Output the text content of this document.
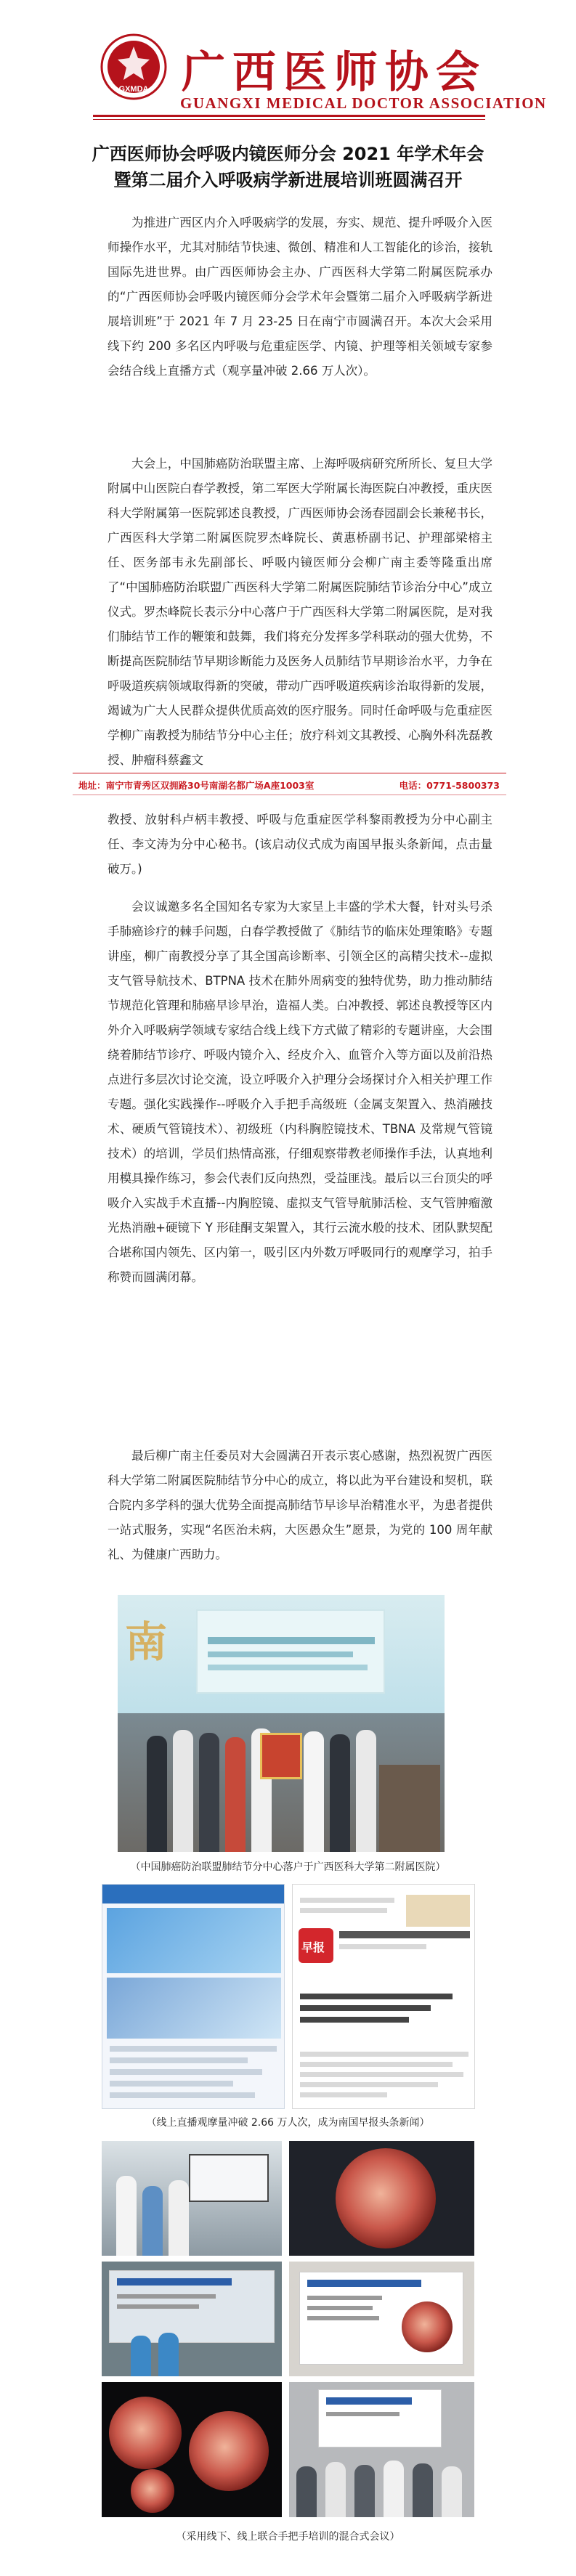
GXMDA 广西医师协会
GUANGXI MEDICAL DOCTOR ASSOCIATION
广西医师协会呼吸内镜医师分会 2021 年学术年会
暨第二届介入呼吸病学新进展培训班圆满召开

为推进广西区内介入呼吸病学的发展，夯实、规范、提升呼吸介入医师操作水平，尤其对肺结节快速、微创、精准和人工智能化的诊治，接轨国际先进世界。由广西医师协会主办、广西医科大学第二附属医院承办的“广西医师协会呼吸内镜医师分会学术年会暨第二届介入呼吸病学新进展培训班”于 2021 年 7 月 23-25 日在南宁市圆满召开。本次大会采用线下约 200 多名区内呼吸与危重症医学、内镜、护理等相关领域专家参会结合线上直播方式（观享量冲破 2.66 万人次）。

大会上，中国肺癌防治联盟主席、上海呼吸病研究所所长、复旦大学附属中山医院白春学教授，第二军医大学附属长海医院白冲教授，重庆医科大学附属第一医院郭述良教授，广西医师协会汤春园副会长兼秘书长，广西医科大学第二附属医院罗杰峰院长、黄惠桥副书记、护理部梁榕主任、医务部韦永先副部长、呼吸内镜医师分会柳广南主委等隆重出席了“中国肺癌防治联盟广西医科大学第二附属医院肺结节诊治分中心”成立仪式。罗杰峰院长表示分中心落户于广西医科大学第二附属医院，是对我们肺结节工作的鞭策和鼓舞，我们将充分发挥多学科联动的强大优势，不断提高医院肺结节早期诊断能力及医务人员肺结节早期诊治水平，力争在呼吸道疾病领域取得新的突破，带动广西呼吸道疾病诊治取得新的发展，竭诚为广大人民群众提供优质高效的医疗服务。同时任命呼吸与危重症医学柳广南教授为肺结节分中心主任；放疗科刘文其教授、心胸外科冼磊教授、肿瘤科蔡鑫文

地址：南宁市青秀区双拥路30号南湖名都广场A座1003室	电话：0771-5800373

教授、放射科卢柄丰教授、呼吸与危重症医学科黎雨教授为分中心副主任、李文涛为分中心秘书。(该启动仪式成为南国早报头条新闻，点击量破万。)

会议诚邀多名全国知名专家为大家呈上丰盛的学术大餐，针对头号杀手肺癌诊疗的棘手问题，白春学教授做了《肺结节的临床处理策略》专题讲座，柳广南教授分享了其全国高诊断率、引领全区的高精尖技术--虚拟支气管导航技术、BTPNA 技术在肺外周病变的独特优势，助力推动肺结节规范化管理和肺癌早诊早治，造福人类。白冲教授、郭述良教授等区内外介入呼吸病学领域专家结合线上线下方式做了精彩的专题讲座，大会围绕着肺结节诊疗、呼吸内镜介入、经皮介入、血管介入等方面以及前沿热点进行多层次讨论交流，设立呼吸介入护理分会场探讨介入相关护理工作专题。强化实践操作--呼吸介入手把手高级班（金属支架置入、热消融技术、硬质气管镜技术）、初级班（内科胸腔镜技术、TBNA 及常规气管镜技术）的培训，学员们热情高涨，仔细观察带教老师操作手法，认真地利用模具操作练习，参会代表们反向热烈，受益匪浅。最后以三台顶尖的呼吸介入实战手术直播--内胸腔镜、虚拟支气管导航肺活检、支气管肿瘤激光热消融+硬镜下 Y 形硅酮支架置入，其行云流水般的技术、团队默契配合堪称国内领先、区内第一，吸引区内外数万呼吸同行的观摩学习，拍手称赞而圆满闭幕。

最后柳广南主任委员对大会圆满召开表示衷心感谢，热烈祝贺广西医科大学第二附属医院肺结节分中心的成立，将以此为平台建设和契机，联合院内多学科的强大优势全面提高肺结节早诊早治精准水平，为患者提供一站式服务，实现“名医治未病，大医愚众生”愿景，为党的 100 周年献礼、为健康广西助力。

南
（中国肺癌防治联盟肺结节分中心落户于广西医科大学第二附属医院）
早报
（线上直播观摩量冲破 2.66 万人次，成为南国早报头条新闻）
（采用线下、线上联合手把手培训的混合式会议）
